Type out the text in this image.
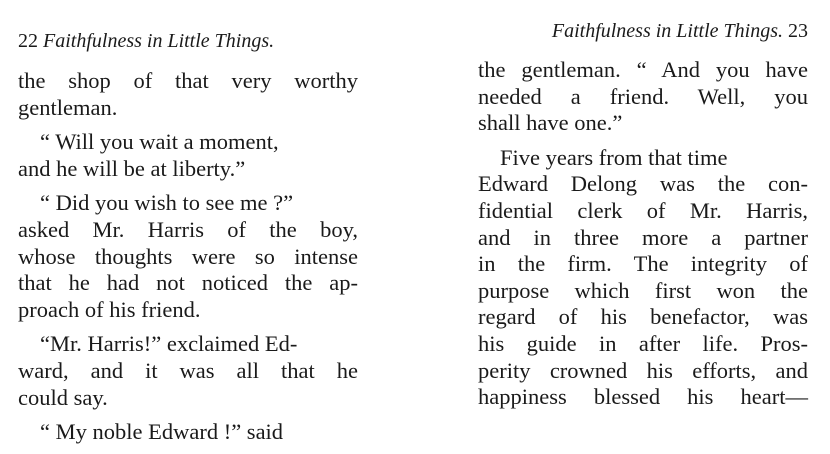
22 Faithfulness in Little Things.
the shop of that very worthy
gentleman.
“ Will you wait a moment,
and he will be at liberty.”
“ Did you wish to see me ?”
asked Mr. Harris of the boy,
whose thoughts were so intense
that he had not noticed the ap-
proach of his friend.
“Mr. Harris!” exclaimed Ed-
ward, and it was all that he
could say.
“ My noble Edward !” said
Faithfulness in Little Things. 23
the gentleman. “ And you have
needed a friend. Well, you
shall have one.”
Five years from that time
Edward Delong was the con-
fidential clerk of Mr. Harris,
and in three more a partner
in the firm. The integrity of
purpose which first won the
regard of his benefactor, was
his guide in after life. Pros-
perity crowned his efforts, and
happiness blessed his heart—
